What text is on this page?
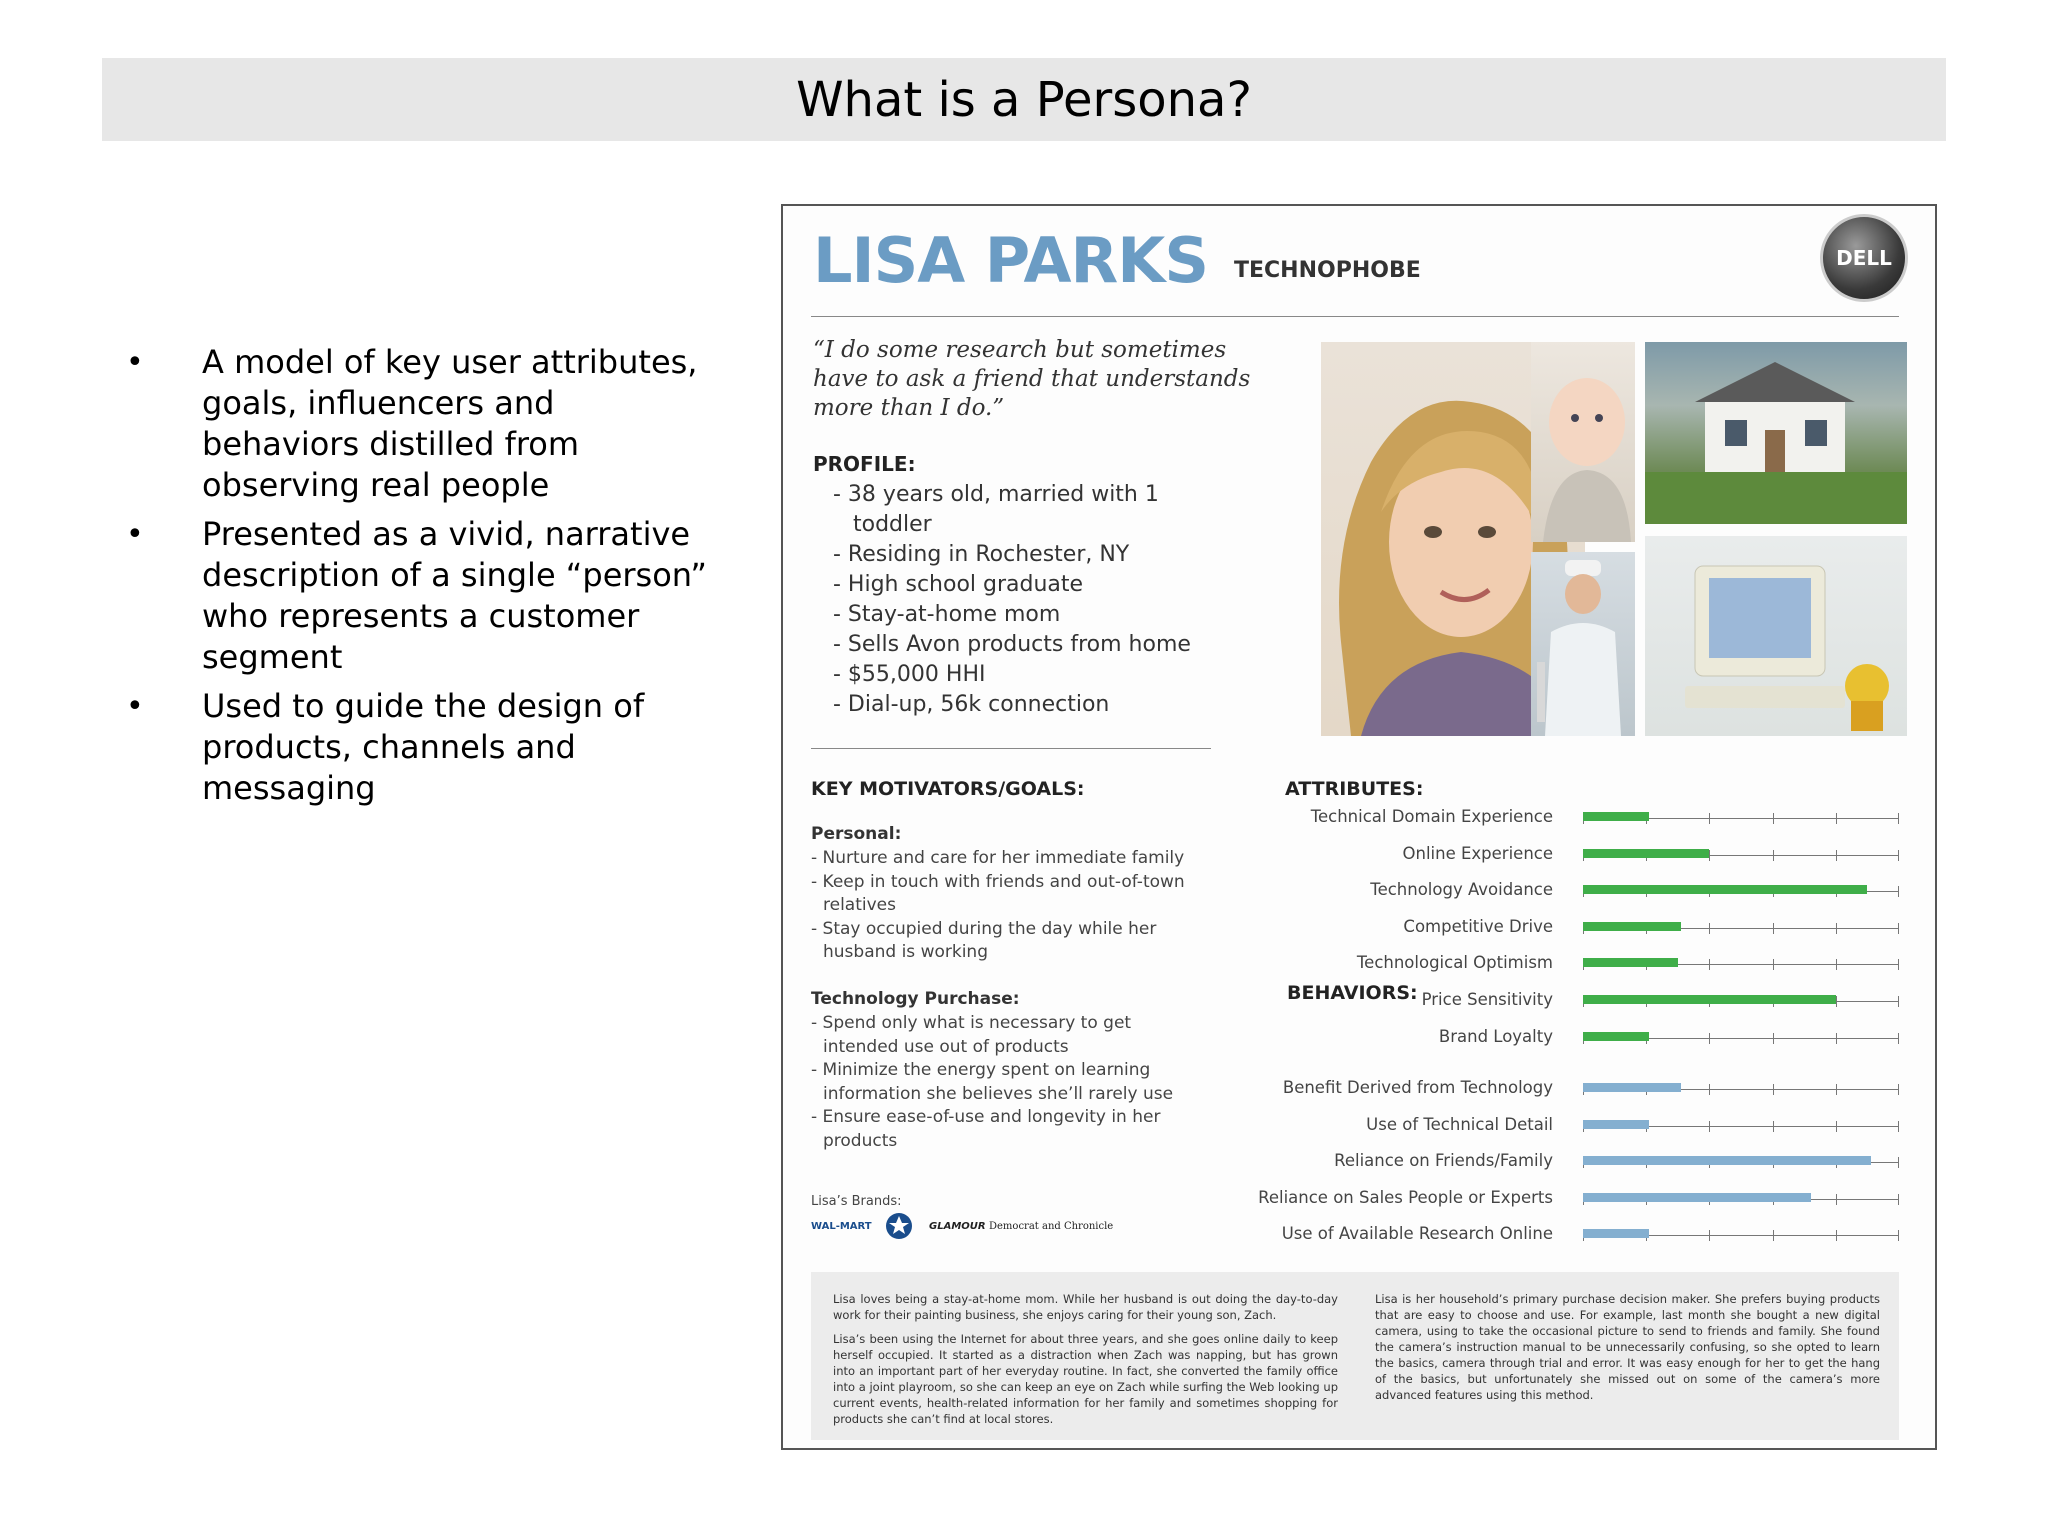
What is a Persona?
• A model of key user attributes, goals, influencers and behaviors distilled from observing real people
• Presented as a vivid, narrative description of a single “person” who represents a customer segment
• Used to guide the design of products, channels and messaging
LISA PARKS TECHNOPHOBE	DELL
“I do some research but sometimes have to ask a friend that understands more than I do.”
PROFILE:
- 38 years old, married with 1 toddler
- Residing in Rochester, NY
- High school graduate
- Stay-at-home mom
- Sells Avon products from home
- $55,000 HHI
- Dial-up, 56k connection
KEY MOTIVATORS/GOALS:
Personal:
- Nurture and care for her immediate family
- Keep in touch with friends and out-of-town relatives
- Stay occupied during the day while her husband is working
Technology Purchase:
- Spend only what is necessary to get intended use out of products
- Minimize the energy spent on learning information she believes she’ll rarely use
- Ensure ease-of-use and longevity in her products
Lisa’s Brands:
WAL-MART	GLAMOUR Democrat and Chronicle
ATTRIBUTES:
BEHAVIORS:

Lisa loves being a stay-at-home mom. While her husband is out doing the day-to-day work for their painting business, she enjoys caring for their young son, Zach.

Lisa’s been using the Internet for about three years, and she goes online daily to keep herself occupied. It started as a distraction when Zach was napping, but has grown into an important part of her everyday routine. In fact, she converted the family office into a joint playroom, so she can keep an eye on Zach while surfing the Web looking up current events, health-related information for her family and sometimes shopping for products she can’t find at local stores.

Lisa is her household’s primary purchase decision maker. She prefers buying products that are easy to choose and use. For example, last month she bought a new digital camera, using to take the occasional picture to send to friends and family. She found the camera’s instruction manual to be unnecessarily confusing, so she opted to learn the basics, camera through trial and error. It was easy enough for her to get the hang of the basics, but unfortunately she missed out on some of the camera’s more advanced features using this method.

Technical Domain Experience
Online Experience
Technology Avoidance
Competitive Drive
Technological Optimism
Price Sensitivity
Brand Loyalty
Benefit Derived from Technology
Use of Technical Detail
Reliance on Friends/Family
Reliance on Sales People or Experts
Use of Available Research Online
